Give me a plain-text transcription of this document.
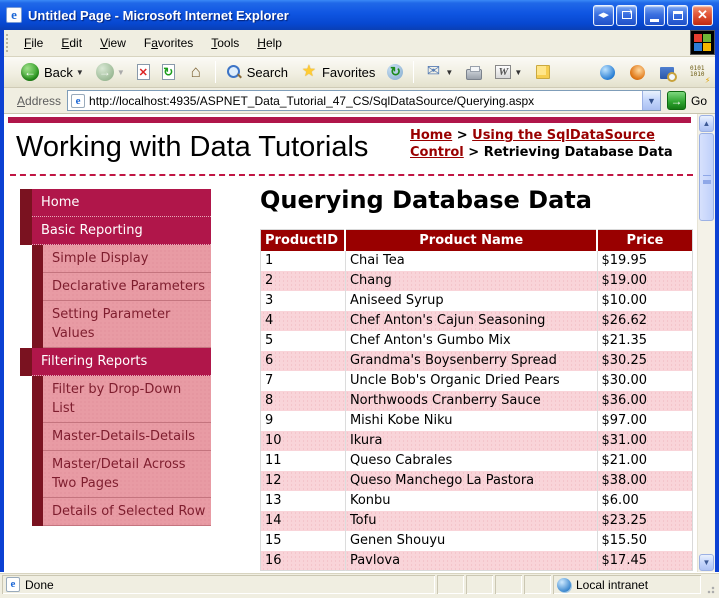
e Untitled Page - Microsoft Internet Explorer	◀▶ ›	✕
File	Edit	View	Favorites	Tools	Help
← Back ▼ → ▼ ✕ ↻ ⌂	Search ★ Favorites ↻ ✉ ▼	W ▼	0101
1010 ⚡
Address	e http://localhost:4935/ASPNET_Data_Tutorial_47_CS/SqlDataSource/Querying.aspx	▼	→ Go
Working with Data Tutorials	Home > Using the SqlDataSource Control > Retrieving Database Data
Home
Basic Reporting
Simple Display
Declarative Parameters
Setting Parameter Values
Filtering Reports
Filter by Drop-Down List
Master-Details-Details
Master/Detail Across Two Pages
Details of Selected Row
Querying Database Data
ProductID	Product Name	Price
1	Chai Tea	$19.95
2	Chang	$19.00
3	Aniseed Syrup	$10.00
4	Chef Anton's Cajun Seasoning	$26.62
5	Chef Anton's Gumbo Mix	$21.35
6	Grandma's Boysenberry Spread	$30.25
7	Uncle Bob's Organic Dried Pears	$30.00
8	Northwoods Cranberry Sauce	$36.00
9	Mishi Kobe Niku	$97.00
10	Ikura	$31.00
11	Queso Cabrales	$21.00
12	Queso Manchego La Pastora	$38.00
13	Konbu	$6.00
14	Tofu	$23.25
15	Genen Shouyu	$15.50
16	Pavlova	$17.45
▲
▼
e Done	Local intranet
